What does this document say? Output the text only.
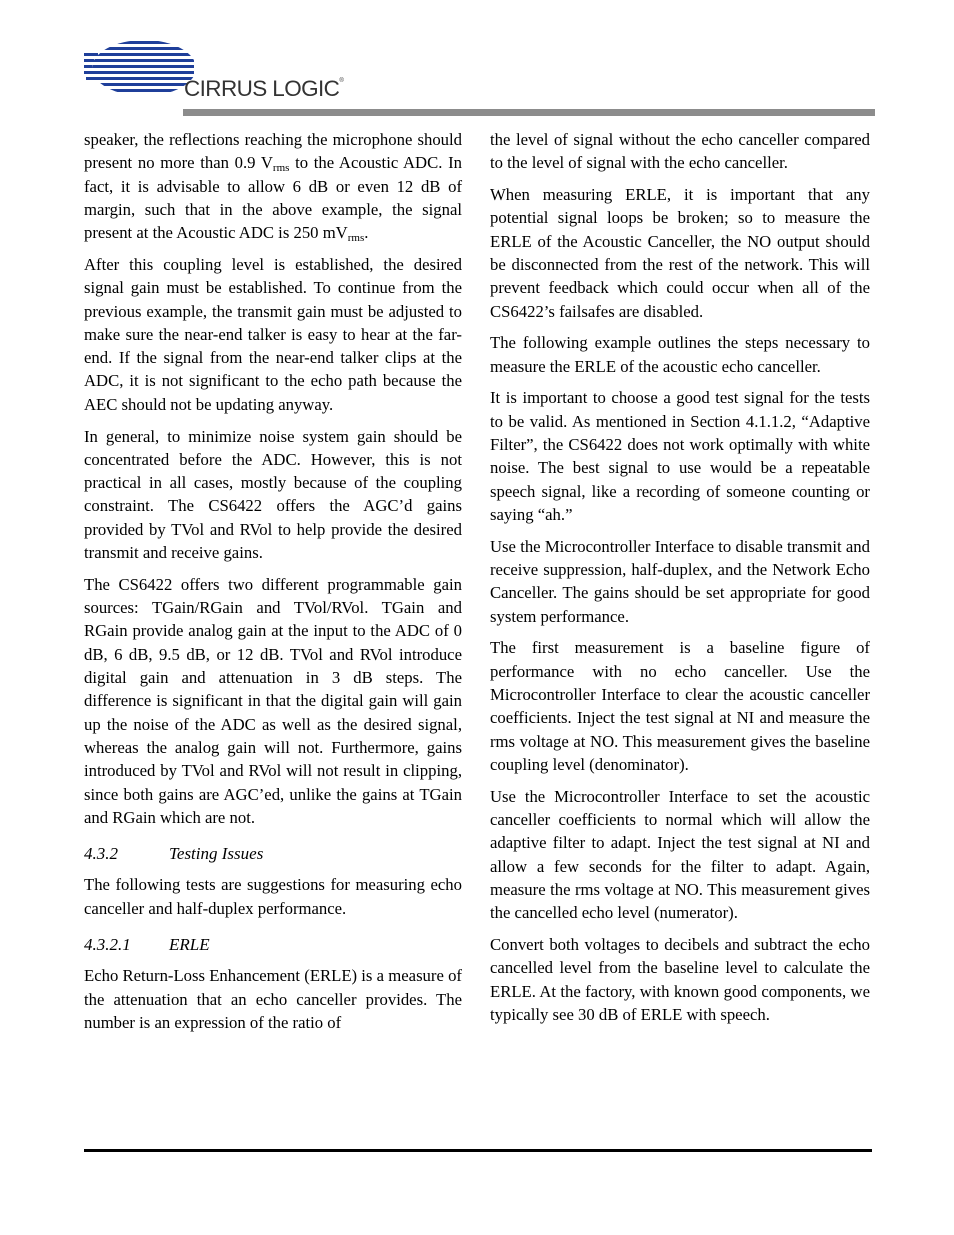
CIRRUS LOGIC®

speaker, the reflections reaching the microphone should present no more than 0.9 $V_{rms}$ to the Acoustic ADC. In fact, it is advisable to allow 6 dB or even 12 dB of margin, such that in the above example, the signal present at the Acoustic ADC is 250 $mV_{rms}$.

After this coupling level is established, the desired signal gain must be established. To continue from the previous example, the transmit gain must be adjusted to make sure the near-end talker is easy to hear at the far-end. If the signal from the near-end talker clips at the ADC, it is not significant to the echo path because the AEC should not be updating anyway.

In general, to minimize noise system gain should be concentrated before the ADC. However, this is not practical in all cases, mostly because of the coupling constraint. The CS6422 offers the AGC’d gains provided by TVol and RVol to help provide the desired transmit and receive gains.

The CS6422 offers two different programmable gain sources: TGain/RGain and TVol/RVol. TGain and RGain provide analog gain at the input to the ADC of 0 dB, 6 dB, 9.5 dB, or 12 dB. TVol and RVol introduce digital gain and attenuation in 3 dB steps. The difference is significant in that the digital gain will gain up the noise of the ADC as well as the desired signal, whereas the analog gain will not. Furthermore, gains introduced by TVol and RVol will not result in clipping, since both gains are AGC’ed, unlike the gains at TGain and RGain which are not.

4.3.2	Testing Issues

The following tests are suggestions for measuring echo canceller and half-duplex performance.

4.3.2.1	ERLE

Echo Return-Loss Enhancement (ERLE) is a measure of the attenuation that an echo canceller provides. The number is an expression of the ratio of

the level of signal without the echo canceller compared to the level of signal with the echo canceller.

When measuring ERLE, it is important that any potential signal loops be broken; so to measure the ERLE of the Acoustic Canceller, the NO output should be disconnected from the rest of the network. This will prevent feedback which could occur when all of the CS6422’s failsafes are disabled.

The following example outlines the steps necessary to measure the ERLE of the acoustic echo canceller.

It is important to choose a good test signal for the tests to be valid. As mentioned in Section 4.1.1.2, “Adaptive Filter”, the CS6422 does not work optimally with white noise. The best signal to use would be a repeatable speech signal, like a recording of someone counting or saying “ah.”

Use the Microcontroller Interface to disable transmit and receive suppression, half-duplex, and the Network Echo Canceller. The gains should be set appropriate for good system performance.

The first measurement is a baseline figure of performance with no echo canceller. Use the Microcontroller Interface to clear the acoustic canceller coefficients. Inject the test signal at NI and measure the rms voltage at NO. This measurement gives the baseline coupling level (denominator).

Use the Microcontroller Interface to set the acoustic canceller coefficients to normal which will allow the adaptive filter to adapt. Inject the test signal at NI and allow a few seconds for the filter to adapt. Again, measure the rms voltage at NO. This measurement gives the cancelled echo level (numerator).

Convert both voltages to decibels and subtract the echo cancelled level from the baseline level to calculate the ERLE. At the factory, with known good components, we typically see 30 dB of ERLE with speech.
